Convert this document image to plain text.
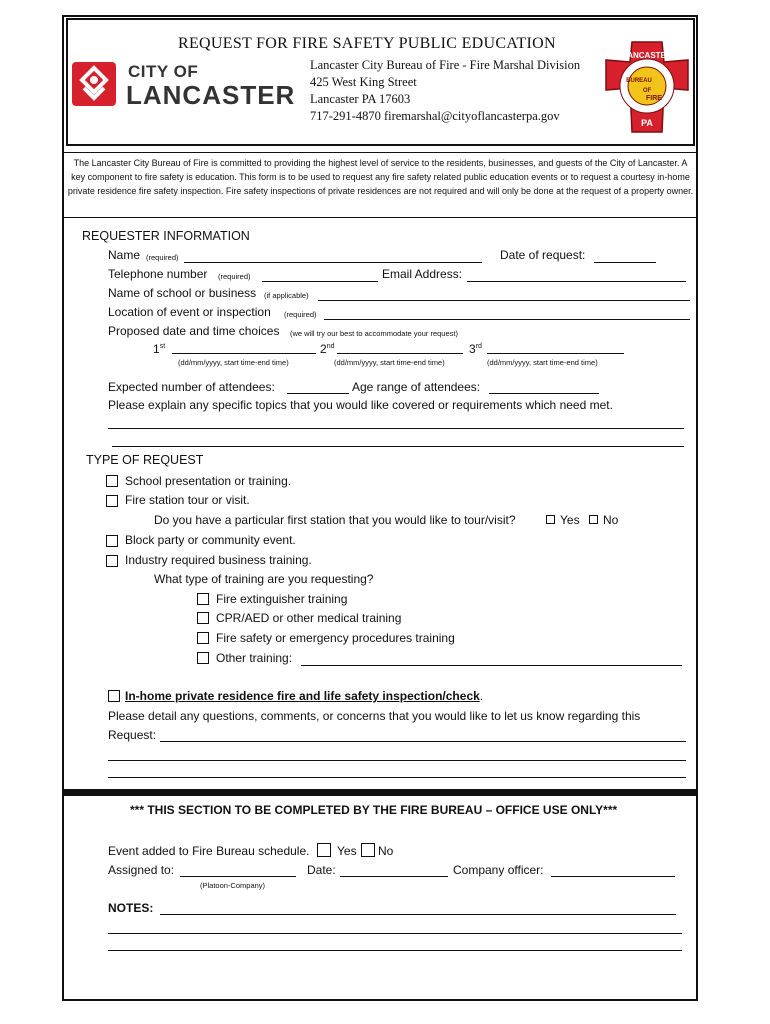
REQUEST FOR FIRE SAFETY PUBLIC EDUCATION
CITY OF
LANCASTER
Lancaster City Bureau of Fire - Fire Marshal Division
425 West King Street
Lancaster PA 17603
717-291-4870 firemarshal@cityoflancasterpa.gov
LANCASTER
BUREAU
OF
FIRE
PA
The Lancaster City Bureau of Fire is committed to providing the highest level of service to the residents, businesses, and guests of the City of Lancaster. A key component to fire safety is education. This form is to be used to request any fire safety related public education events or to request a courtesy in-home private residence fire safety inspection. Fire safety inspections of private residences are not required and will only be done at the request of a property owner.
REQUESTER INFORMATION
Name (required)	Date of request:
Telephone number (required)	Email Address:
Name of school or business (if applicable)
Location of event or inspection (required)
Proposed date and time choices (we will try our best to accommodate your request)
1st	2nd	3rd
(dd/mm/yyyy, start time-end time)	(dd/mm/yyyy, start time-end time)	(dd/mm/yyyy, start time-end time)
Expected number of attendees:	Age range of attendees:
Please explain any specific topics that you would like covered or requirements which need met.
TYPE OF REQUEST
School presentation or training.
Fire station tour or visit.
Do you have a particular first station that you would like to tour/visit?	Yes No
Block party or community event.
Industry required business training.
What type of training are you requesting?
Fire extinguisher training
CPR/AED or other medical training
Fire safety or emergency procedures training
Other training:
In-home private residence fire and life safety inspection/check.
Please detail any questions, comments, or concerns that you would like to let us know regarding this
Request:
*** THIS SECTION TO BE COMPLETED BY THE FIRE BUREAU – OFFICE USE ONLY***
Event added to Fire Bureau schedule. Yes No
Assigned to:	Date:	Company officer:
(Platoon-Company)
NOTES:
